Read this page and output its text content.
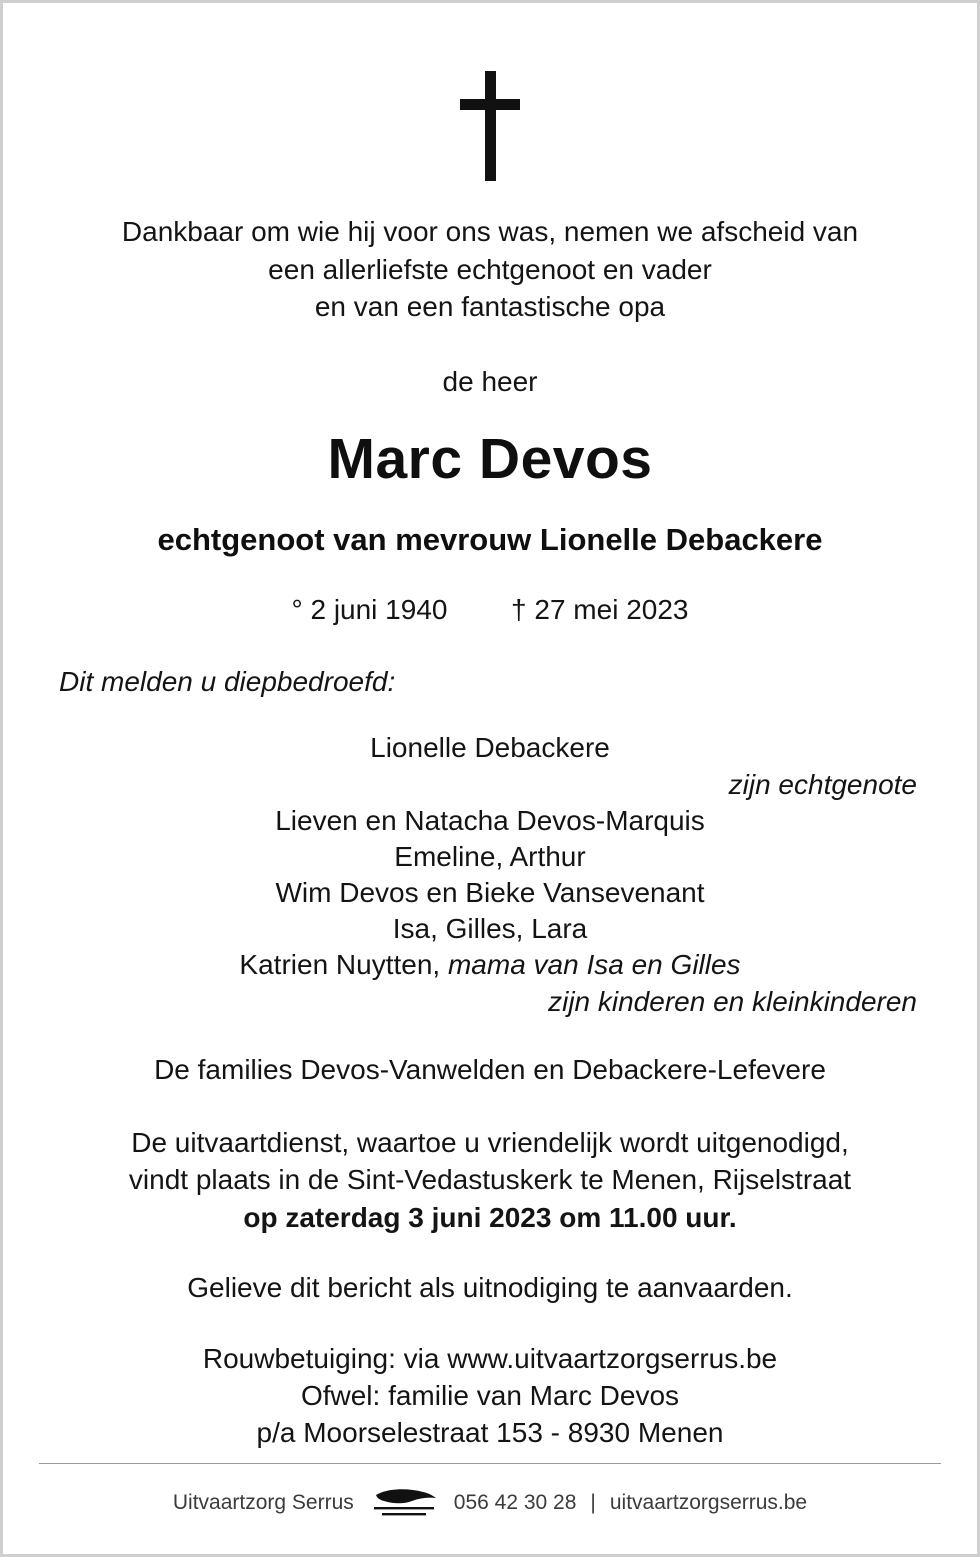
Dankbaar om wie hij voor ons was, nemen we afscheid van
een allerliefste echtgenoot en vader
en van een fantastische opa
de heer
Marc Devos
echtgenoot van mevrouw Lionelle Debackere
° 2 juni 1940 † 27 mei 2023
Dit melden u diepbedroefd:
Lionelle Debackere
zijn echtgenote
Lieven en Natacha Devos-Marquis
Emeline, Arthur
Wim Devos en Bieke Vansevenant
Isa, Gilles, Lara
Katrien Nuytten, mama van Isa en Gilles
zijn kinderen en kleinkinderen
De families Devos-Vanwelden en Debackere-Lefevere
De uitvaartdienst, waartoe u vriendelijk wordt uitgenodigd,
vindt plaats in de Sint-Vedastuskerk te Menen, Rijselstraat
op zaterdag 3 juni 2023 om 11.00 uur.
Gelieve dit bericht als uitnodiging te aanvaarden.
Rouwbetuiging: via www.uitvaartzorgserrus.be
Ofwel: familie van Marc Devos
p/a Moorselestraat 153 - 8930 Menen
Uitvaartzorg Serrus	056 42 30 28 | uitvaartzorgserrus.be
